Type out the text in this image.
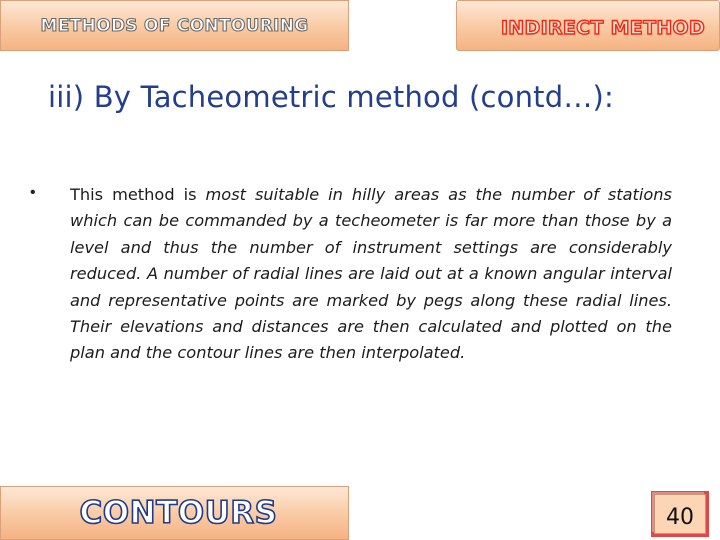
METHODS OF CONTOURING	INDIRECT METHOD
iii) By Tacheometric method (contd…):
• This method is most suitable in hilly areas as the number of stations which can be commanded by a techeometer is far more than those by a level and thus the number of instrument settings are considerably reduced. A number of radial lines are laid out at a known angular interval and representative points are marked by pegs along these radial lines. Their elevations and distances are then calculated and plotted on the plan and the contour lines are then interpolated.
CONTOURS	40
